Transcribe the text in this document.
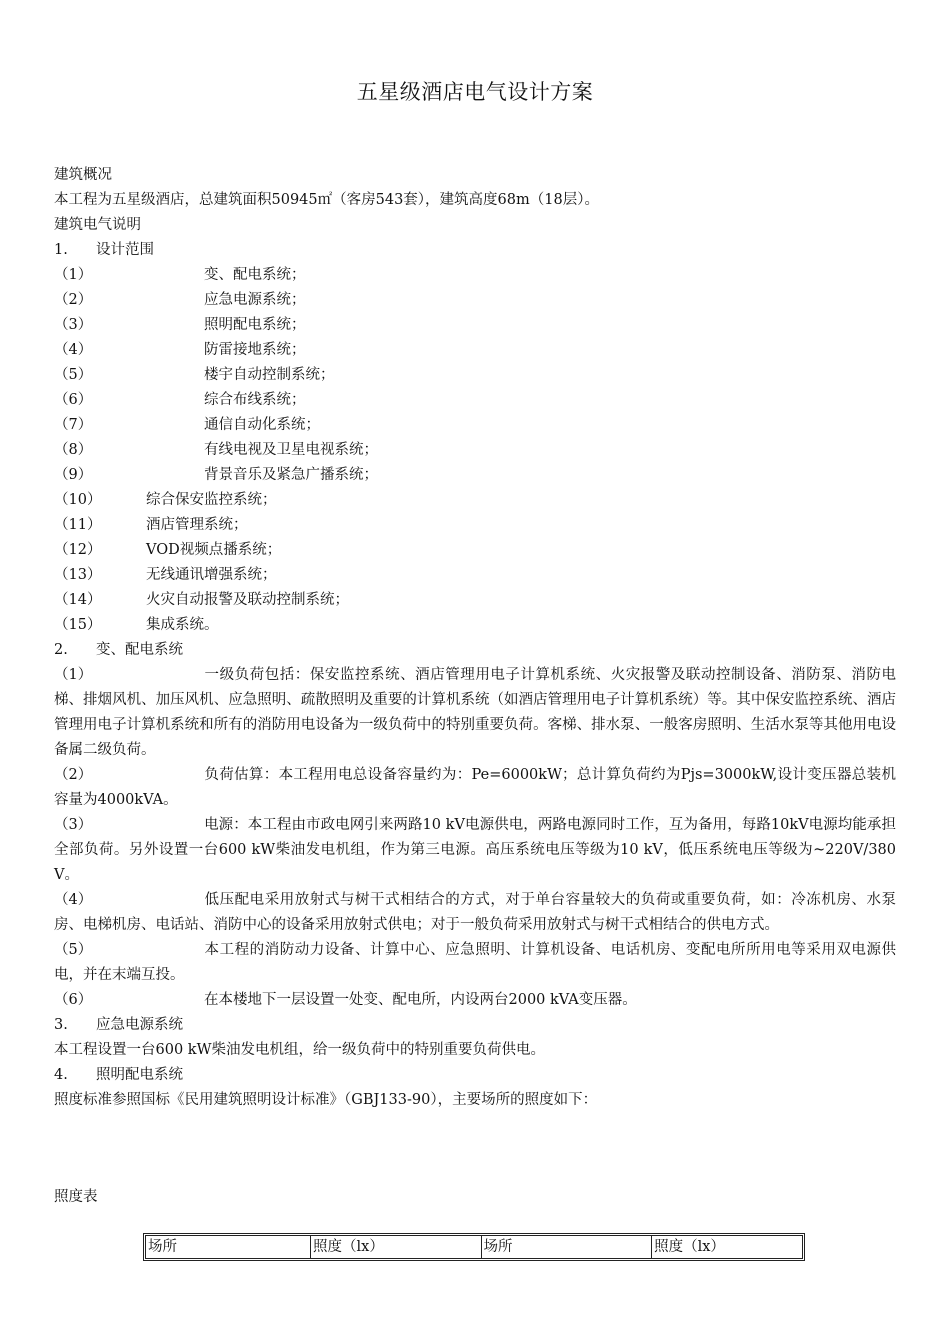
五星级酒店电气设计方案
建筑概况
本工程为五星级酒店，总建筑面积50945㎡（客房543套），建筑高度68m（18层）。
建筑电气说明
1.	设计范围
（1）	变、配电系统；
（2）	应急电源系统；
（3）	照明配电系统；
（4）	防雷接地系统；
（5）	楼宇自动控制系统；
（6）	综合布线系统；
（7）	通信自动化系统；
（8）	有线电视及卫星电视系统；
（9）	背景音乐及紧急广播系统；
（10）	综合保安监控系统；
（11）	酒店管理系统；
（12）	VOD视频点播系统；
（13）	无线通讯增强系统；
（14）	火灾自动报警及联动控制系统；
（15）	集成系统。
2.	变、配电系统
（1）	一级负荷包括：保安监控系统、酒店管理用电子计算机系统、火灾报警及联动控制设备、消防泵、消防电梯、排烟风机、加压风机、应急照明、疏散照明及重要的计算机系统（如酒店管理用电子计算机系统）等。其中保安监控系统、酒店管理用电子计算机系统和所有的消防用电设备为一级负荷中的特别重要负荷。客梯、排水泵、一般客房照明、生活水泵等其他用电设备属二级负荷。
（2）	负荷估算：本工程用电总设备容量约为：Pe=6000kW；总计算负荷约为Pjs=3000kW,设计变压器总装机容量为4000kVA。
（3）	电源：本工程由市政电网引来两路10 kV电源供电，两路电源同时工作，互为备用，每路10kV电源均能承担全部负荷。另外设置一台600 kW柴油发电机组，作为第三电源。高压系统电压等级为10 kV，低压系统电压等级为~220V/380V。
（4）	低压配电采用放射式与树干式相结合的方式，对于单台容量较大的负荷或重要负荷，如：冷冻机房、水泵房、电梯机房、电话站、消防中心的设备采用放射式供电；对于一般负荷采用放射式与树干式相结合的供电方式。
（5）	本工程的消防动力设备、计算中心、应急照明、计算机设备、电话机房、变配电所所用电等采用双电源供电，并在末端互投。
（6）	在本楼地下一层设置一处变、配电所，内设两台2000 kVA变压器。
3.	应急电源系统
本工程设置一台600 kW柴油发电机组，给一级负荷中的特别重要负荷供电。
4.	照明配电系统
照度标准参照国标《民用建筑照明设计标准》（GBJ133-90），主要场所的照度如下：
照度表
场所	照度（lx）	场所	照度（lx）
